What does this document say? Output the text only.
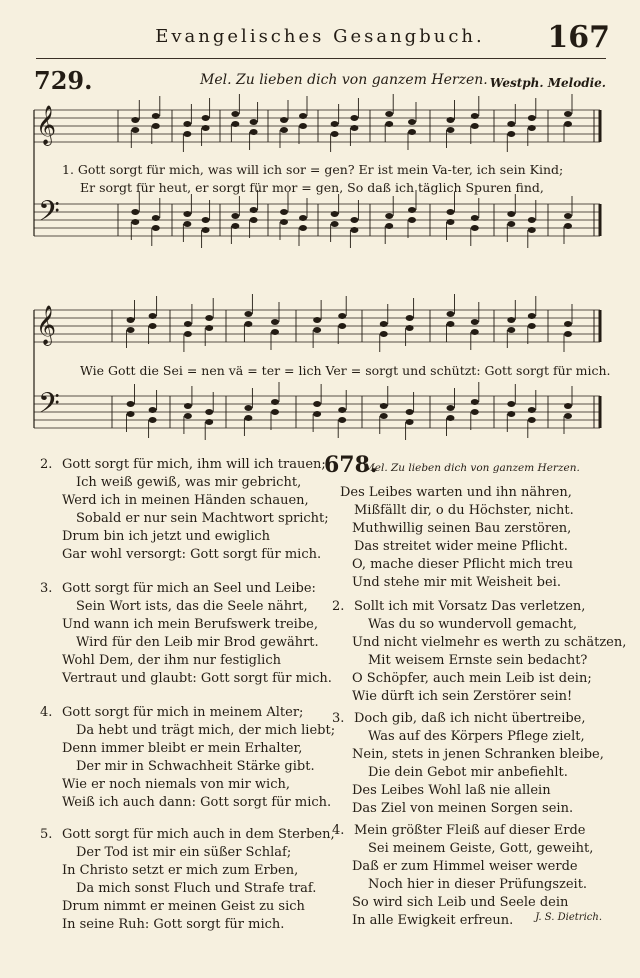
Evangelisches Gesangbuch.	167
729.	Mel. Zu lieben dich von ganzem Herzen. Westph. Melodie.
𝄞
𝄢
𝄞
𝄢
1. Gott sorgt für mich, was will ich sor = gen? Er ist mein Va-ter, ich sein Kind;
Er sorgt für heut, er sorgt für mor = gen, So daß ich täglich Spuren find,
Wie Gott die Sei = nen vä = ter = lich Ver = sorgt und schützt: Gott sorgt für mich.
2. Gott sorgt für mich, ihm will ich trauen;
Ich weiß gewiß, was mir gebricht,
Werd ich in meinen Händen schauen,
Sobald er nur sein Machtwort spricht;
Drum bin ich jetzt und ewiglich
Gar wohl versorgt: Gott sorgt für mich.
3. Gott sorgt für mich an Seel und Leibe:
Sein Wort ists, das die Seele nährt,
Und wann ich mein Berufswerk treibe,
Wird für den Leib mir Brod gewährt.
Wohl Dem, der ihm nur festiglich
Vertraut und glaubt: Gott sorgt für mich.
4. Gott sorgt für mich in meinem Alter;
Da hebt und trägt mich, der mich liebt;
Denn immer bleibt er mein Erhalter,
Der mir in Schwachheit Stärke gibt.
Wie er noch niemals von mir wich,
Weiß ich auch dann: Gott sorgt für mich.
5. Gott sorgt für mich auch in dem Sterben,
Der Tod ist mir ein süßer Schlaf;
In Christo setzt er mich zum Erben,
Da mich sonst Fluch und Strafe traf.
Drum nimmt er meinen Geist zu sich
In seine Ruh: Gott sorgt für mich.
678.
Mel. Zu lieben dich von ganzem Herzen.
Des Leibes warten und ihn nähren,
Mißfällt dir, o du Höchster, nicht.
Muthwillig seinen Bau zerstören,
Das streitet wider meine Pflicht.
O, mache dieser Pflicht mich treu
Und stehe mir mit Weisheit bei.
2. Sollt ich mit Vorsatz Das verletzen,
Was du so wundervoll gemacht,
Und nicht vielmehr es werth zu schätzen,
Mit weisem Ernste sein bedacht?
O Schöpfer, auch mein Leib ist dein;
Wie dürft ich sein Zerstörer sein!
3. Doch gib, daß ich nicht übertreibe,
Was auf des Körpers Pflege zielt,
Nein, stets in jenen Schranken bleibe,
Die dein Gebot mir anbefiehlt.
Des Leibes Wohl laß nie allein
Das Ziel von meinen Sorgen sein.
4. Mein größter Fleiß auf dieser Erde
Sei meinem Geiste, Gott, geweiht,
Daß er zum Himmel weiser werde
Noch hier in dieser Prüfungszeit.
So wird sich Leib und Seele dein
In alle Ewigkeit erfreun.	J. S. Dietrich.
